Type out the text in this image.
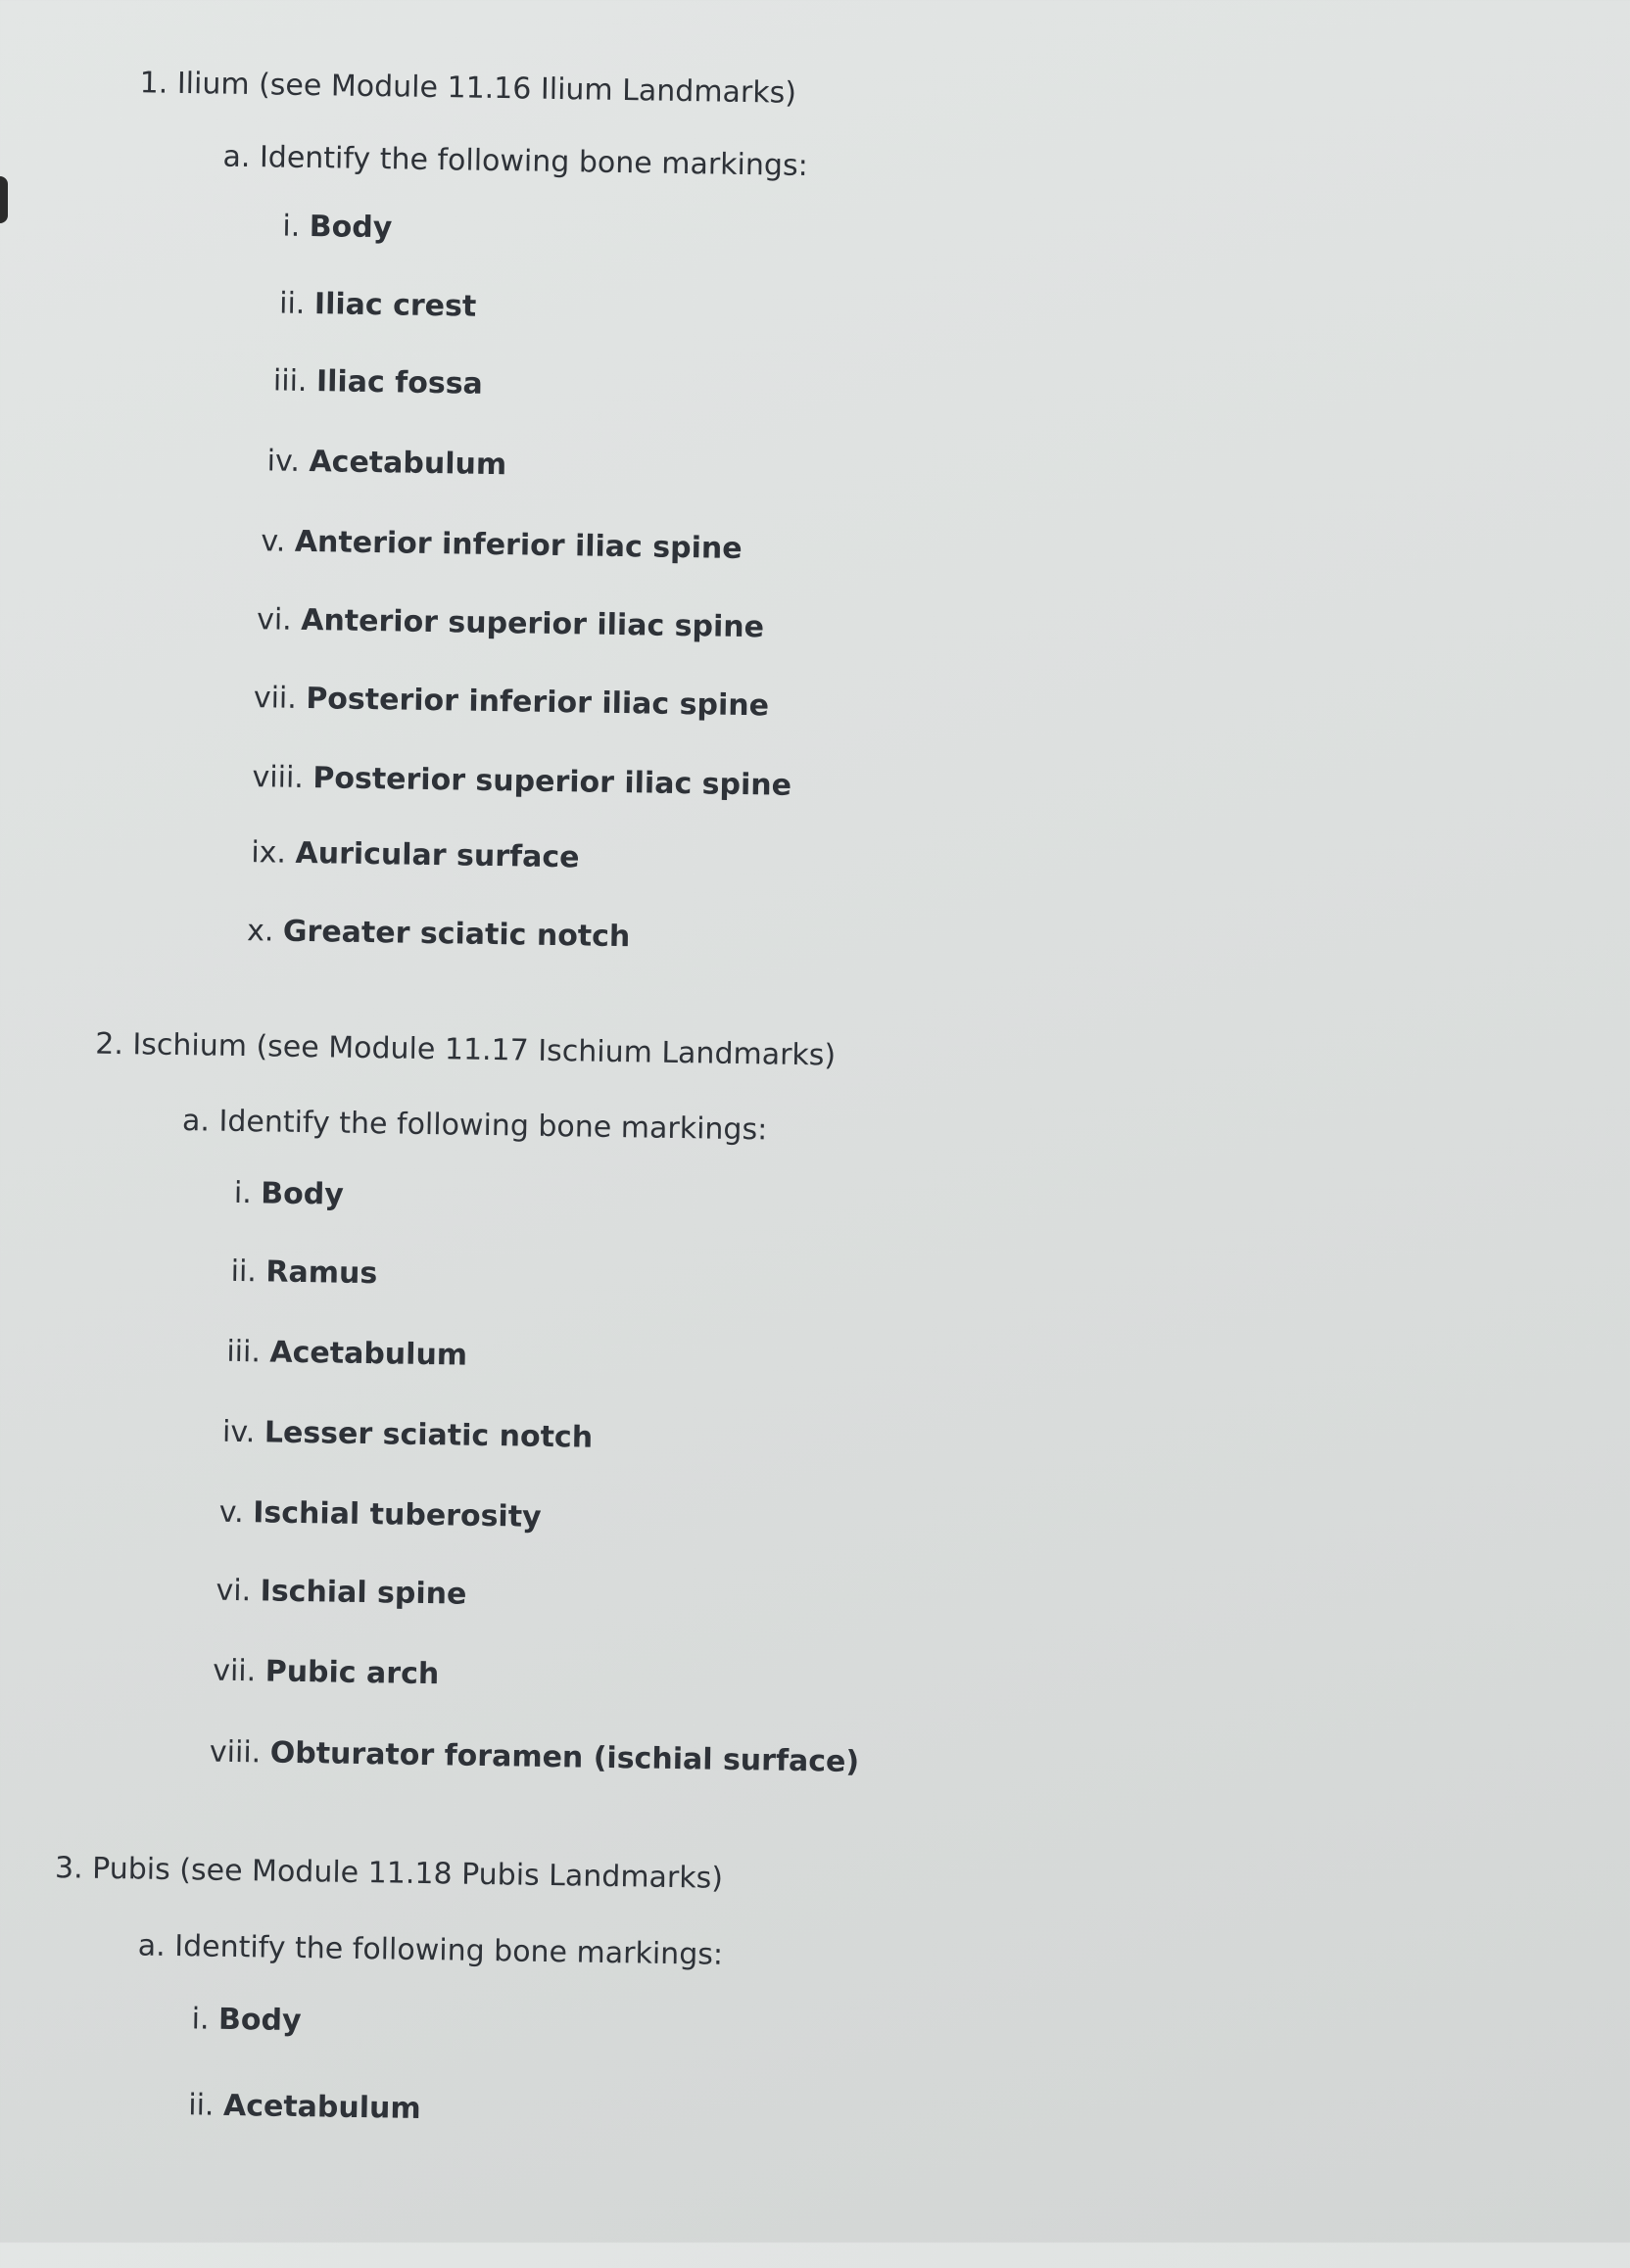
1. Ilium (see Module 11.16 Ilium Landmarks)
a. Identify the following bone markings:
i. Body
ii. Iliac crest
iii. Iliac fossa
iv. Acetabulum
v. Anterior inferior iliac spine
vi. Anterior superior iliac spine
vii. Posterior inferior iliac spine
viii. Posterior superior iliac spine
ix. Auricular surface
x. Greater sciatic notch
2. Ischium (see Module 11.17 Ischium Landmarks)
a. Identify the following bone markings:
i. Body
ii. Ramus
iii. Acetabulum
iv. Lesser sciatic notch
v. Ischial tuberosity
vi. Ischial spine
vii. Pubic arch
viii. Obturator foramen (ischial surface)
3. Pubis (see Module 11.18 Pubis Landmarks)
a. Identify the following bone markings:
i. Body
ii. Acetabulum
